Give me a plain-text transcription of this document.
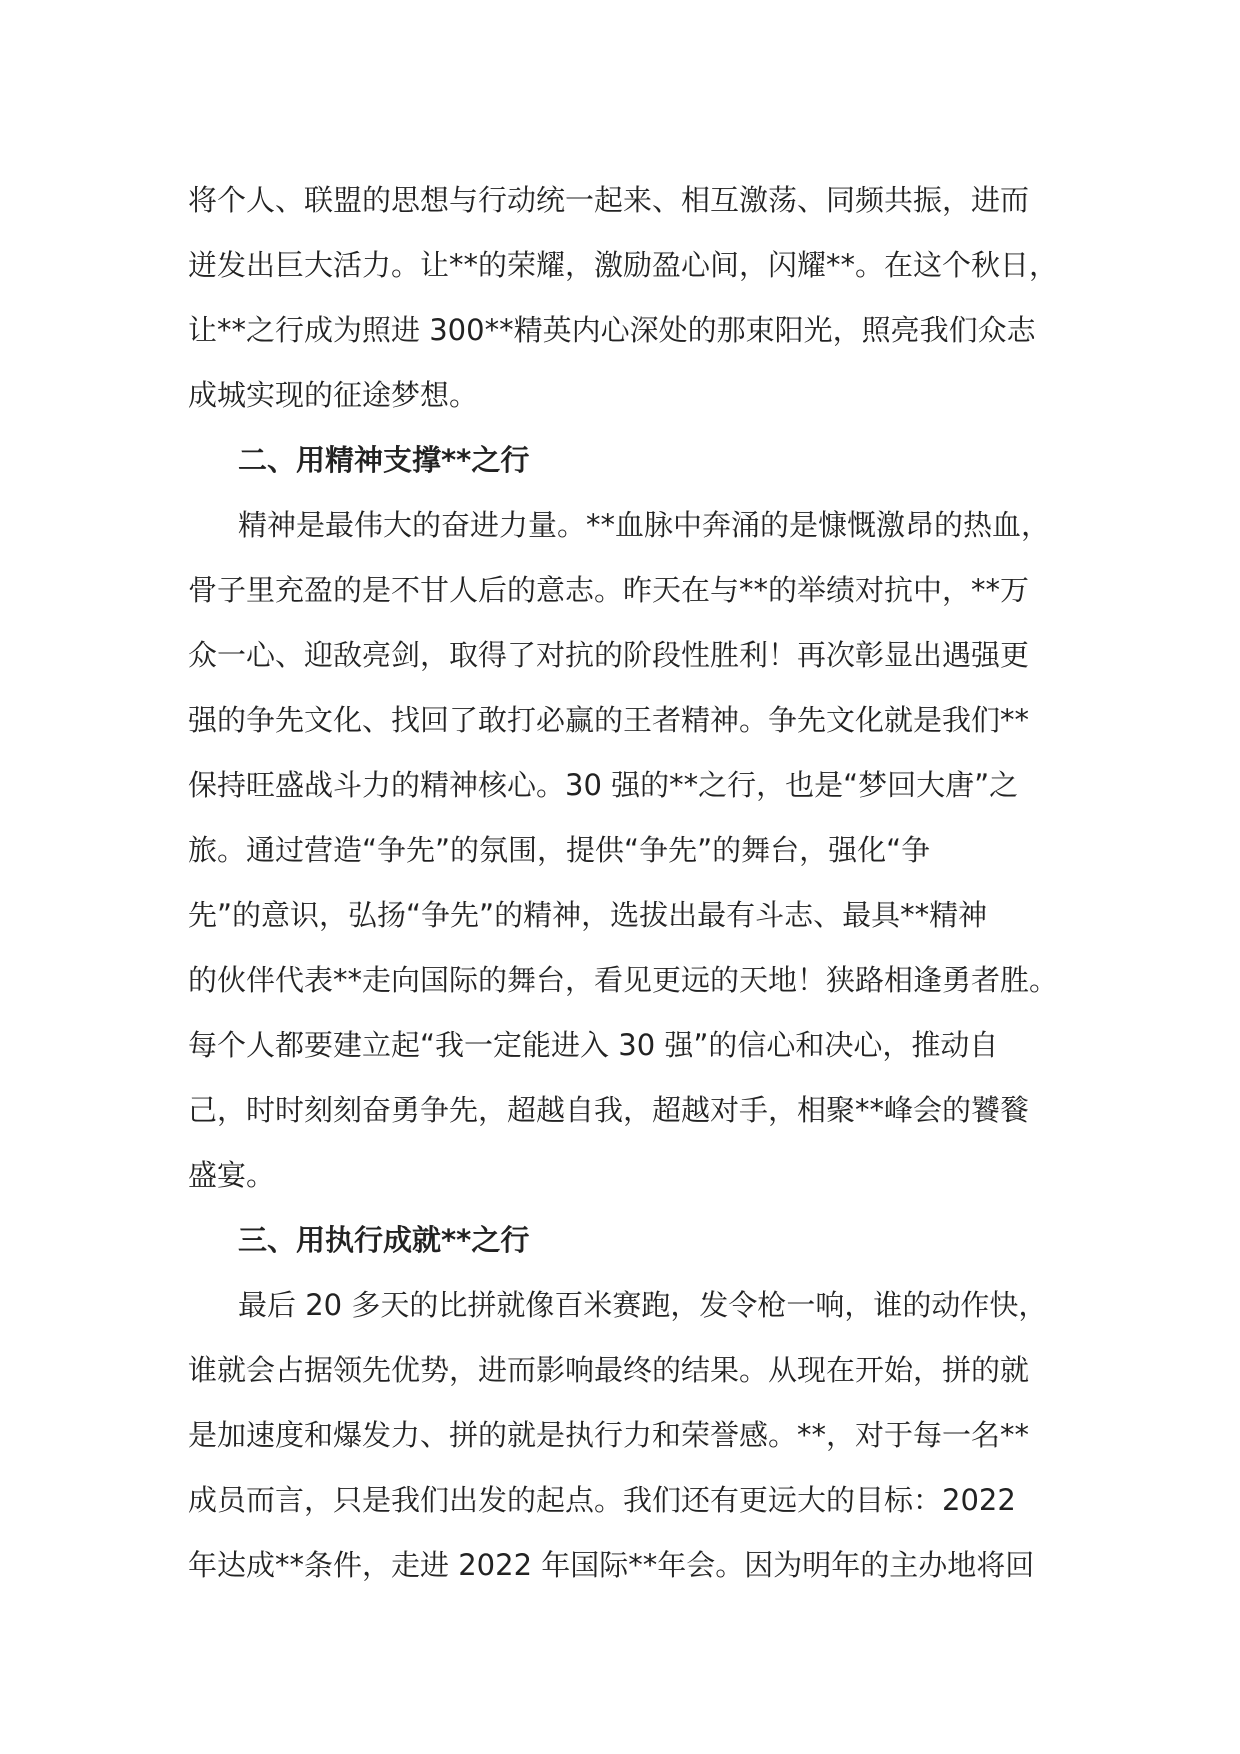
将个人、联盟的思想与行动统一起来、相互激荡、同频共振，进而
迸发出巨大活力。让**的荣耀，激励盈心间，闪耀**。在这个秋日，
让**之行成为照进 300**精英内心深处的那束阳光，照亮我们众志
成城实现的征途梦想。
二、用精神支撑**之行
精神是最伟大的奋进力量。**血脉中奔涌的是慷慨激昂的热血，
骨子里充盈的是不甘人后的意志。昨天在与**的举绩对抗中，**万
众一心、迎敌亮剑，取得了对抗的阶段性胜利！再次彰显出遇强更
强的争先文化、找回了敢打必赢的王者精神。争先文化就是我们**
保持旺盛战斗力的精神核心。30 强的**之行，也是“梦回大唐”之
旅。通过营造“争先”的氛围，提供“争先”的舞台，强化“争
先”的意识，弘扬“争先”的精神，选拔出最有斗志、最具**精神
的伙伴代表**走向国际的舞台，看见更远的天地！狭路相逢勇者胜。
每个人都要建立起“我一定能进入 30 强”的信心和决心，推动自
己，时时刻刻奋勇争先，超越自我，超越对手，相聚**峰会的饕餮
盛宴。
三、用执行成就**之行
最后 20 多天的比拼就像百米赛跑，发令枪一响，谁的动作快，
谁就会占据领先优势，进而影响最终的结果。从现在开始，拼的就
是加速度和爆发力、拼的就是执行力和荣誉感。**，对于每一名**
成员而言，只是我们出发的起点。我们还有更远大的目标：2022
年达成**条件，走进 2022 年国际**年会。因为明年的主办地将回
